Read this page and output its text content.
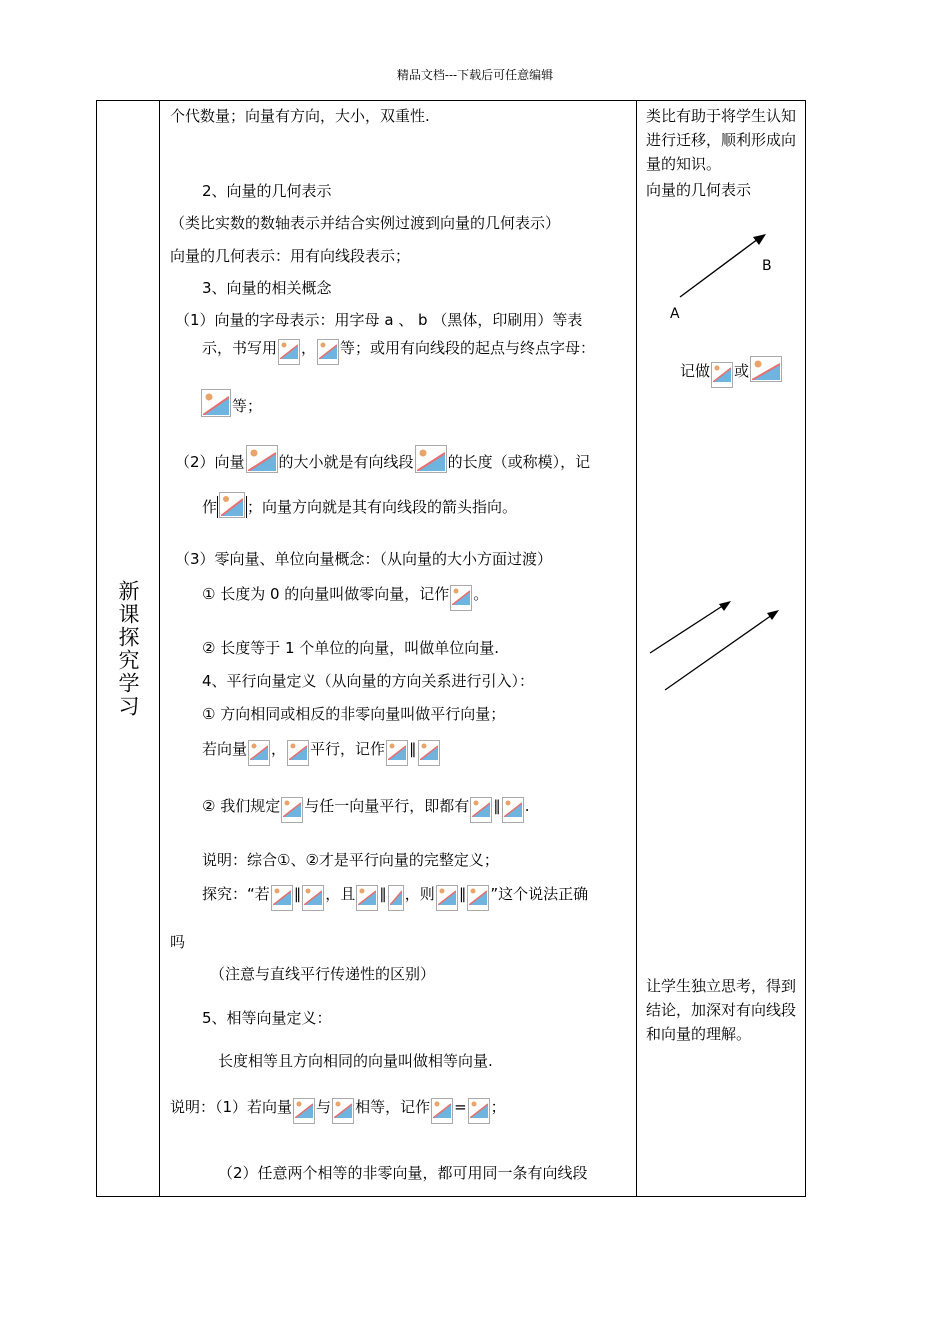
精品文档---下载后可任意编辑
新课探究学习
个代数量；向量有方向，大小，双重性.
2、向量的几何表示
（类比实数的数轴表示并结合实例过渡到向量的几何表示）
向量的几何表示：用有向线段表示；
3、向量的相关概念
（1）向量的字母表示：用字母 a 、 b （黑体，印刷用）等表
示，书写用 ， 等；或用有向线段的起点与终点字母：
等；
（2）向量 的大小就是有向线段 的长度（或称模），记
作 ；向量方向就是其有向线段的箭头指向。
（3）零向量、单位向量概念：（从向量的大小方面过渡）
① 长度为 0 的向量叫做零向量，记作 。
② 长度等于 1 个单位的向量，叫做单位向量.
4、平行向量定义（从向量的方向关系进行引入）：
① 方向相同或相反的非零向量叫做平行向量；
若向量 ， 平行，记作 ∥
② 我们规定 与任一向量平行，即都有 ∥ .
说明：综合①、②才是平行向量的完整定义；
探究：“若 ∥ ，且 ∥ ，则 ∥ ”这个说法正确
吗
（注意与直线平行传递性的区别）
5、相等向量定义：
长度相等且方向相同的向量叫做相等向量.
说明：（1）若向量 与 相等，记作 = ；
（2）任意两个相等的非零向量，都可用同一条有向线段
类比有助于将学生认知进行迁移，顺利形成向量的知识。
向量的几何表示
B
A
记做 或
让学生独立思考，得到结论，加深对有向线段和向量的理解。
